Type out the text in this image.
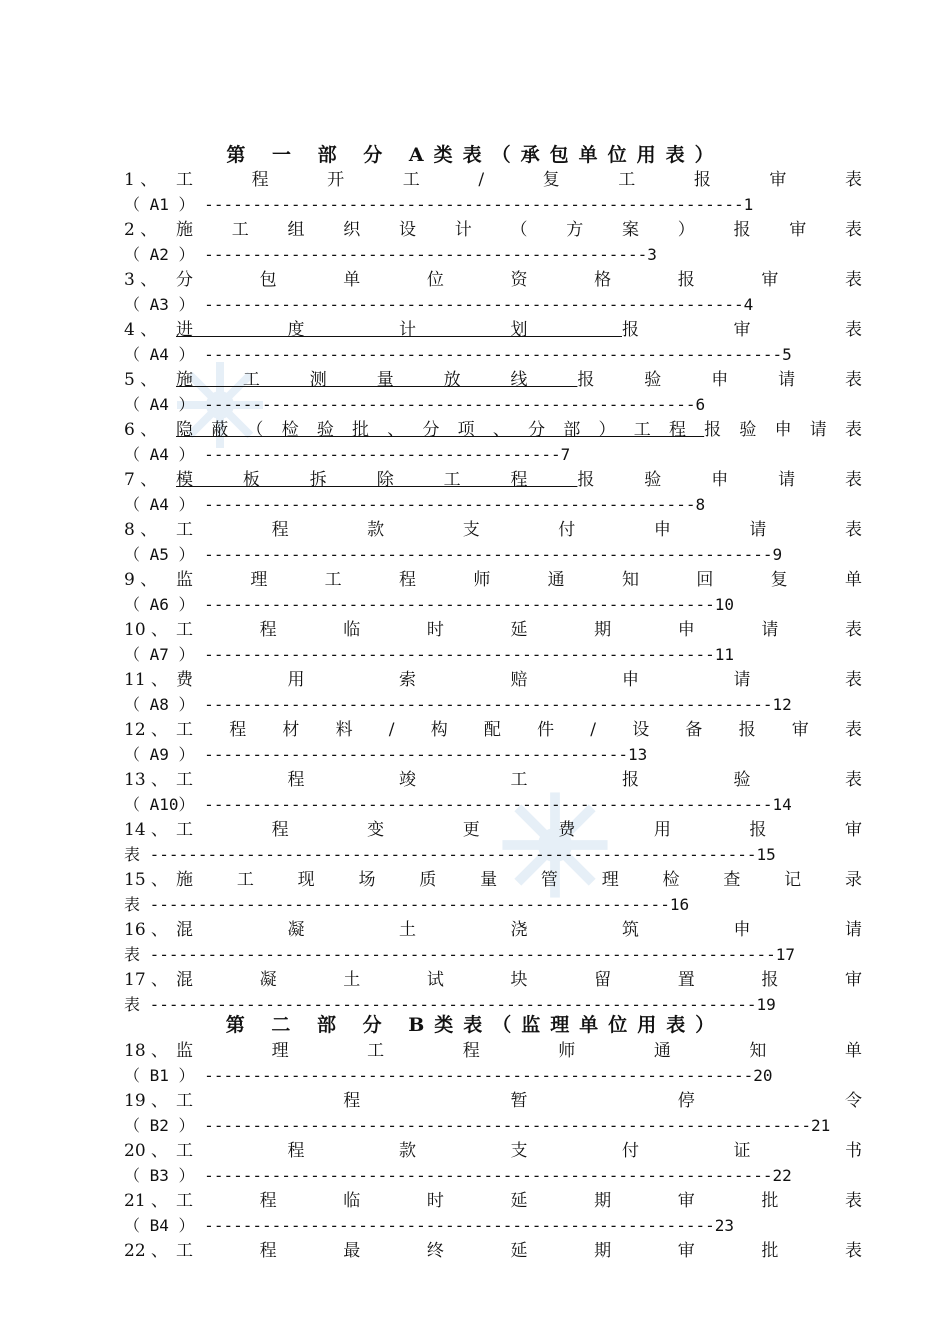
第 一 部 分 A类表（承包单位用表）
1 、	工程开工/复工报审表
（ A1 ） --------------------------------------------------------1
2 、	施工组织设计（方案）报审表
（ A2 ） ----------------------------------------------3
3 、	分包单位资格报审表
（ A3 ） --------------------------------------------------------4
4 、	进度计划报审表
（ A4 ） ------------------------------------------------------------5
5 、	施工测量放线报验申请表
（ A4 ） ---------------------------------------------------6
6 、	隐蔽（检验批、分项、分部）工程报验申请表
（ A4 ） -------------------------------------7
7 、	模板拆除工程报验申请表
（ A4 ） ---------------------------------------------------8
8 、	工程款支付申请表
（ A5 ） -----------------------------------------------------------9
9 、	监理工程师通知回复单
（ A6 ） -----------------------------------------------------10
10 、 工程临时延期申请表
（ A7 ） -----------------------------------------------------11
11 、 费用索赔申请表
（ A8 ） -----------------------------------------------------------12
12 、 工程材料/构配件/设备报审表
（ A9 ） --------------------------------------------13
13 、 工程竣工报验表
（ A10） -----------------------------------------------------------14
14 、 工程变更费用报审
表 ---------------------------------------------------------------15
15 、 施工现场质量管理检查记录
表 ------------------------------------------------------16
16 、 混凝土浇筑申请
表 -----------------------------------------------------------------17
17 、 混凝土试块留置报审
表 ---------------------------------------------------------------19
第 二 部 分 B类表（监理单位用表）
18 、 监理工程师通知单
（ B1 ） ---------------------------------------------------------20
19 、 工程暂停令
（ B2 ） ---------------------------------------------------------------21
20 、 工程款支付证书
（ B3 ） -----------------------------------------------------------22
21 、 工程临时延期审批表
（ B4 ） -----------------------------------------------------23
22 、 工程最终延期审批表
